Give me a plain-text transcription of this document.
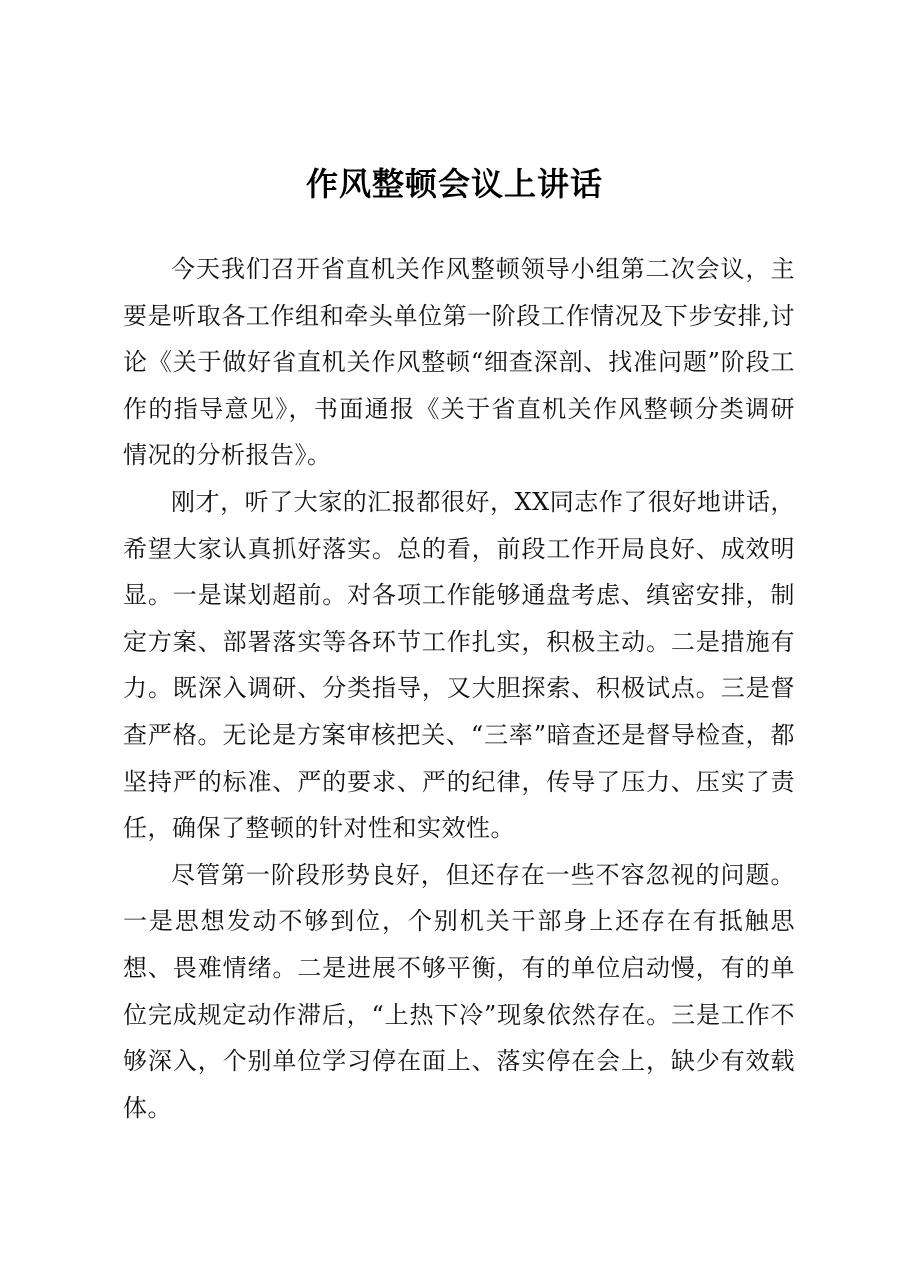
作风整顿会议上讲话

今天我们召开省直机关作风整顿领导小组第二次会议，主要是听取各工作组和牵头单位第一阶段工作情况及下步安排,讨论《关于做好省直机关作风整顿“细查深剖、找准问题”阶段工作的指导意见》，书面通报《关于省直机关作风整顿分类调研情况的分析报告》。

刚才，听了大家的汇报都很好，XX同志作了很好地讲话，希望大家认真抓好落实。总的看，前段工作开局良好、成效明显。一是谋划超前。对各项工作能够通盘考虑、缜密安排，制定方案、部署落实等各环节工作扎实，积极主动。二是措施有力。既深入调研、分类指导，又大胆探索、积极试点。三是督查严格。无论是方案审核把关、“三率”暗查还是督导检查，都坚持严的标准、严的要求、严的纪律，传导了压力、压实了责任，确保了整顿的针对性和实效性。

尽管第一阶段形势良好，但还存在一些不容忽视的问题。一是思想发动不够到位，个别机关干部身上还存在有抵触思想、畏难情绪。二是进展不够平衡，有的单位启动慢，有的单位完成规定动作滞后，“上热下冷”现象依然存在。三是工作不够深入，个别单位学习停在面上、落实停在会上，缺少有效载体。
